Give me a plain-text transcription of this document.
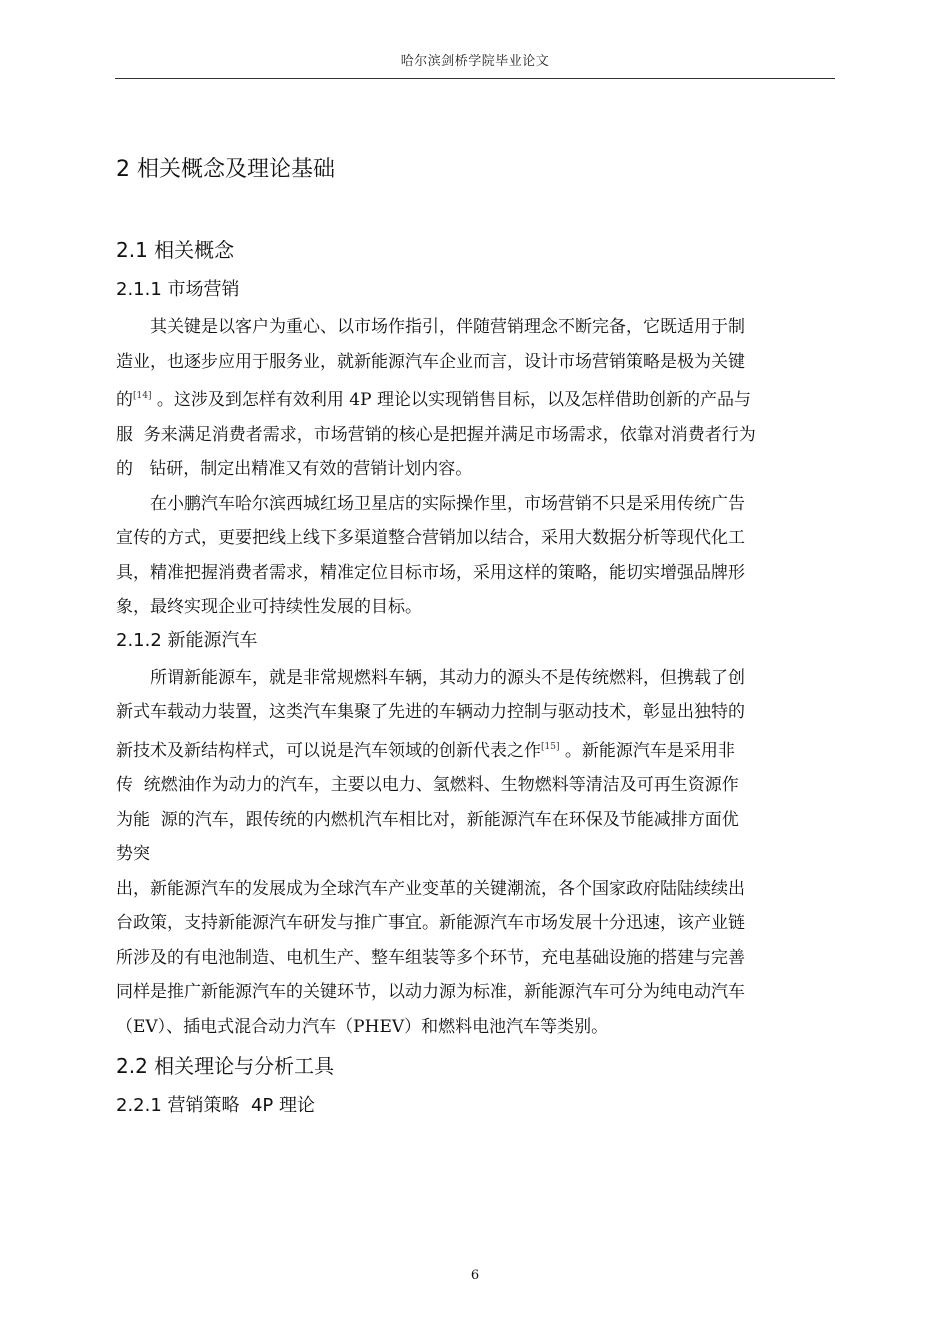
哈尔滨剑桥学院毕业论文
2 相关概念及理论基础
2.1 相关概念
2.1.1 市场营销

其关键是以客户为重心、以市场作指引，伴随营销理念不断完备，它既适用于制
造业，也逐步应用于服务业，就新能源汽车企业而言，设计市场营销策略是极为关键
的[14] 。这涉及到怎样有效利用 4P 理论以实现销售目标，以及怎样借助创新的产品与
服  务来满足消费者需求，市场营销的核心是把握并满足市场需求，依靠对消费者行为
的   钻研，制定出精准又有效的营销计划内容。

在小鹏汽车哈尔滨西城红场卫星店的实际操作里，市场营销不只是采用传统广告
宣传的方式，更要把线上线下多渠道整合营销加以结合，采用大数据分析等现代化工
具，精准把握消费者需求，精准定位目标市场，采用这样的策略，能切实增强品牌形
象，最终实现企业可持续性发展的目标。

2.1.2 新能源汽车

所谓新能源车，就是非常规燃料车辆，其动力的源头不是传统燃料，但携载了创
新式车载动力装置，这类汽车集聚了先进的车辆动力控制与驱动技术，彰显出独特的
新技术及新结构样式，可以说是汽车领域的创新代表之作[15] 。新能源汽车是采用非
传  统燃油作为动力的汽车，主要以电力、氢燃料、生物燃料等清洁及可再生资源作
为能  源的汽车，跟传统的内燃机汽车相比对，新能源汽车在环保及节能减排方面优
势突
出，新能源汽车的发展成为全球汽车产业变革的关键潮流，各个国家政府陆陆续续出
台政策，支持新能源汽车研发与推广事宜。新能源汽车市场发展十分迅速，该产业链
所涉及的有电池制造、电机生产、整车组装等多个环节，充电基础设施的搭建与完善
同样是推广新能源汽车的关键环节，以动力源为标准，新能源汽车可分为纯电动汽车
（EV）、插电式混合动力汽车（PHEV）和燃料电池汽车等类别。

2.2 相关理论与分析工具
2.2.1 营销策略  4P 理论
6
